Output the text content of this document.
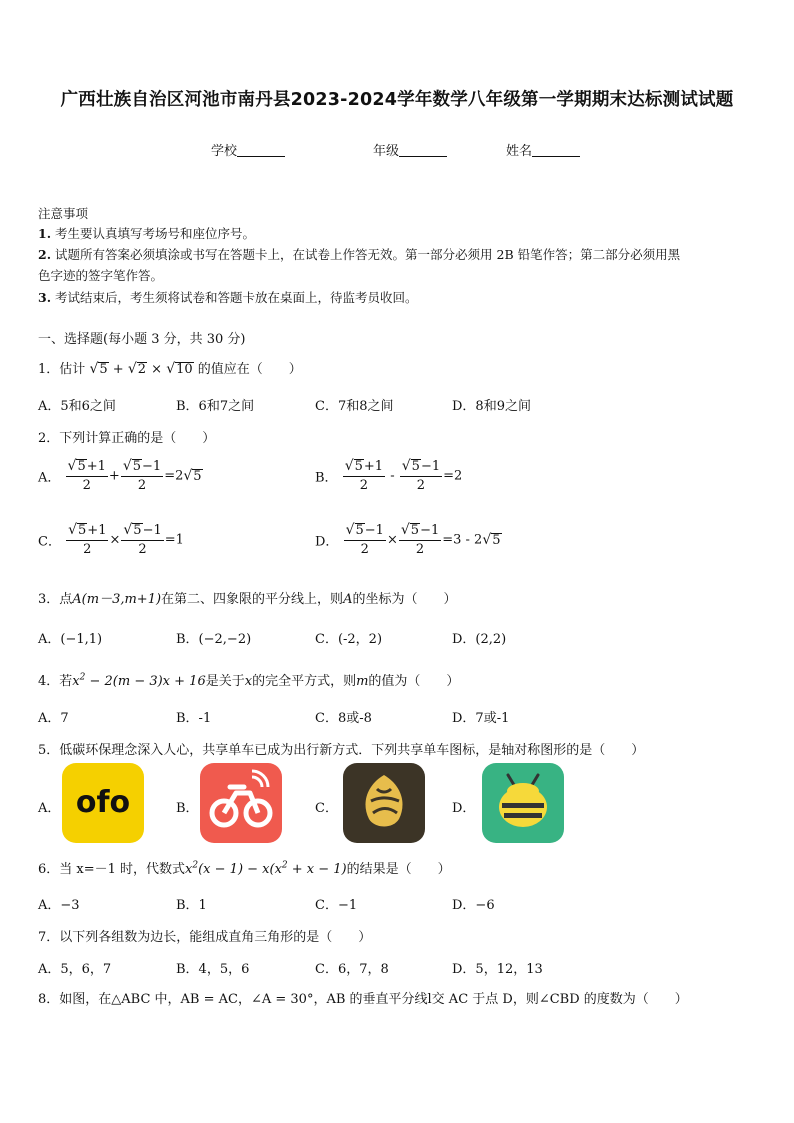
广西壮族自治区河池市南丹县2023-2024学年数学八年级第一学期期末达标测试试题
学校	年级	姓名
注意事项
1. 考生要认真填写考场号和座位序号。
2. 试题所有答案必须填涂或书写在答题卡上，在试卷上作答无效。第一部分必须用 2B 铅笔作答；第二部分必须用黑
色字迹的签字笔作答。
3. 考试结束后，考生须将试卷和答题卡放在桌面上，待监考员收回。
一、选择题(每小题 3 分，共 30 分)
1．估计 √5 + √2 × √10 的值应在（　　）
A．5和6之间	B．6和7之间	C．7和8之间	D．8和9之间
2．下列计算正确的是（　　）
A． $\frac{√5+1}{2} + \frac{√5-1}{2} =2√5$	B． $\frac{√5+1}{2} - \frac{√5-1}{2} =2$
C． $\frac{√5+1}{2} \times \frac{√5-1}{2} =1$	D． $\frac{√5-1}{2} \times \frac{√5-1}{2} =3 - 2√5$
3．点A(m－3,m+1)在第二、四象限的平分线上，则A的坐标为（　　）
A．(−1,1)	B．(−2,−2)	C．(-2，2)	D．(2,2)
4．若$x^2 - 2(m - 3)x + 16$是关于x的完全平方式，则m的值为（　　）
A．7	B．-1	C．8或-8	D．7或-1
5．低碳环保理念深入人心，共享单车已成为出行新方式．下列共享单车图标，是轴对称图形的是（　　）
A． ofo	B．	C．	D．
6．当 x=－1 时，代数式$x^2(x - 1) - x(x^2 + x - 1)$的结果是（　　）
A．−3	B．1	C．−1	D．−6
7．以下列各组数为边长，能组成直角三角形的是（　　）
A．5，6，7	B．4，5，6	C．6，7，8	D．5，12，13
8．如图，在△ABC 中，AB = AC，∠A = 30°，AB 的垂直平分线l交 AC 于点 D，则∠CBD 的度数为（　　）
